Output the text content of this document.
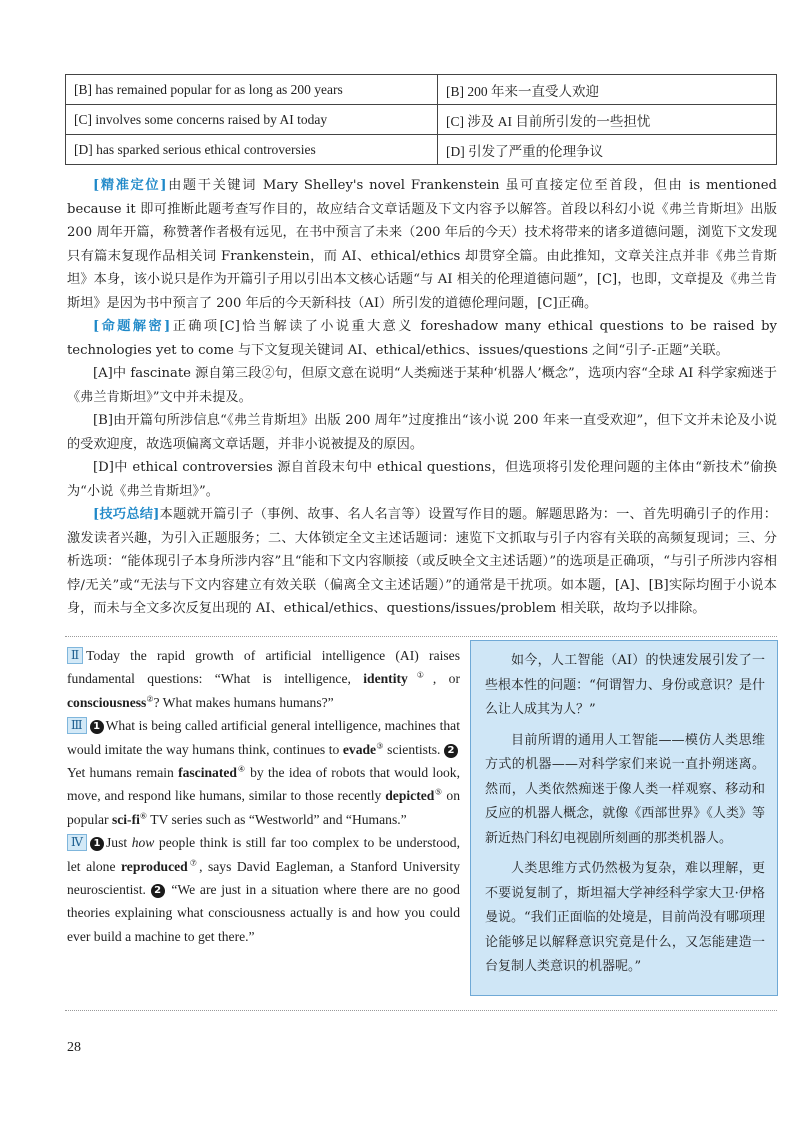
[B] has remained popular for as long as 200 years	[B] 200 年来一直受人欢迎
[C] involves some concerns raised by AI today	[C] 涉及 AI 目前所引发的一些担忧
[D] has sparked serious ethical controversies	[D] 引发了严重的伦理争议

[精准定位]由题干关键词 Mary Shelley's novel Frankenstein 虽可直接定位至首段，但由 is mentioned because it 即可推断此题考查写作目的，故应结合文章话题及下文内容予以解答。首段以科幻小说《弗兰肯斯坦》出版 200 周年开篇，称赞著作者极有远见，在书中预言了未来（200 年后的今天）技术将带来的诸多道德问题，浏览下文发现只有篇末复现作品相关词 Frankenstein，而 AI、ethical/ethics 却贯穿全篇。由此推知，文章关注点并非《弗兰肯斯坦》本身，该小说只是作为开篇引子用以引出本文核心话题“与 AI 相关的伦理道德问题”，[C]，也即，文章提及《弗兰肯斯坦》是因为书中预言了 200 年后的今天新科技（AI）所引发的道德伦理问题，[C]正确。

[命题解密]正确项[C]恰当解读了小说重大意义 foreshadow many ethical questions to be raised by technologies yet to come 与下文复现关键词 AI、ethical/ethics、issues/questions 之间“引子-正题”关联。

[A]中 fascinate 源自第三段②句，但原文意在说明“人类痴迷于某种‘机器人’概念”，选项内容“全球 AI 科学家痴迷于《弗兰肯斯坦》”文中并未提及。

[B]由开篇句所涉信息“《弗兰肯斯坦》出版 200 周年”过度推出“该小说 200 年来一直受欢迎”，但下文并未论及小说的受欢迎度，故选项偏离文章话题，并非小说被提及的原因。

[D]中 ethical controversies 源自首段末句中 ethical questions，但选项将引发伦理问题的主体由“新技术”偷换为“小说《弗兰肯斯坦》”。

[技巧总结]本题就开篇引子（事例、故事、名人名言等）设置写作目的题。解题思路为：一、首先明确引子的作用：激发读者兴趣，为引入正题服务；二、大体锁定全文主述话题词：速览下文抓取与引子内容有关联的高频复现词；三、分析选项：“能体现引子本身所涉内容”且“能和下文内容顺接（或反映全文主述话题）”的选项是正确项，“与引子所涉内容相悖/无关”或“无法与下文内容建立有效关联（偏离全文主述话题）”的通常是干扰项。如本题，[A]、[B]实际均囿于小说本身，而未与全文多次反复出现的 AI、ethical/ethics、questions/issues/problem 相关联，故均予以排除。

Ⅱ Today the rapid growth of artificial intelligence (AI) raises fundamental questions: “What is intelligence, identity①, or consciousness②? What makes humans humans?”

Ⅲ 1 What is being called artificial general intelligence, machines that would imitate the way humans think, continues to evade③ scientists. 2 Yet humans remain fascinated④ by the idea of robots that would look, move, and respond like humans, similar to those recently depicted⑤ on popular sci-fi⑥ TV series such as “Westworld” and “Humans.”

Ⅳ 1 Just how people think is still far too complex to be understood, let alone reproduced⑦, says David Eagleman, a Stanford University neuroscientist. 2 “We are just in a situation where there are no good theories explaining what consciousness actually is and how you could ever build a machine to get there.”

如今，人工智能（AI）的快速发展引发了一些根本性的问题：“何谓智力、身份或意识？是什么让人成其为人？”

目前所谓的通用人工智能——模仿人类思维方式的机器——对科学家们来说一直扑朔迷离。然而，人类依然痴迷于像人类一样观察、移动和反应的机器人概念，就像《西部世界》《人类》等新近热门科幻电视剧所刻画的那类机器人。

人类思维方式仍然极为复杂，难以理解，更不要说复制了，斯坦福大学神经科学家大卫·伊格曼说。“我们正面临的处境是，目前尚没有哪项理论能够足以解释意识究竟是什么，又怎能建造一台复制人类意识的机器呢。”

28
